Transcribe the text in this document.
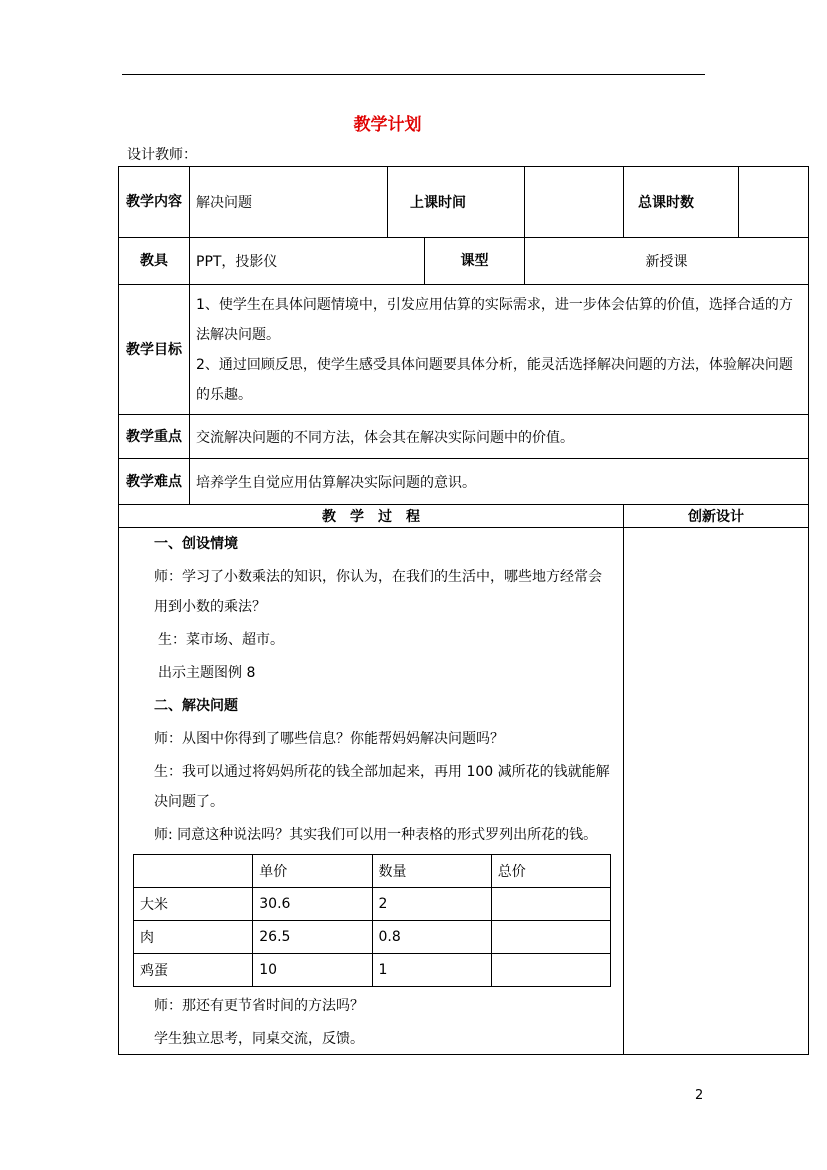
教学计划
设计教师：
教学内容	解决问题	上课时间		总课时数	
教具	PPT，投影仪	课型	新授课
教学目标	

1、使学生在具体问题情境中，引发应用估算的实际需求，进一步体会估算的价值，选择合适的方法解决问题。

2、通过回顾反思，使学生感受具体问题要具体分析，能灵活选择解决问题的方法，体验解决问题的乐趣。

教学重点	交流解决问题的不同方法，体会其在解决实际问题中的价值。
教学难点	培养学生自觉应用估算解决实际问题的意识。
教　学　过　程	创新设计

一、创设情境

师：学习了小数乘法的知识，你认为，在我们的生活中，哪些地方经常会用到小数的乘法？

生：菜市场、超市。

出示主题图例 8

二、解决问题

师：从图中你得到了哪些信息？你能帮妈妈解决问题吗？

生：我可以通过将妈妈所花的钱全部加起来，再用 100 减所花的钱就能解决问题了。

师: 同意这种说法吗？其实我们可以用一种表格的形式罗列出所花的钱。

	单价	数量	总价
大米	30.6	2	
肉	26.5	0.8	
鸡蛋	10	1	

师：那还有更节省时间的方法吗？

学生独立思考，同桌交流，反馈。

2
